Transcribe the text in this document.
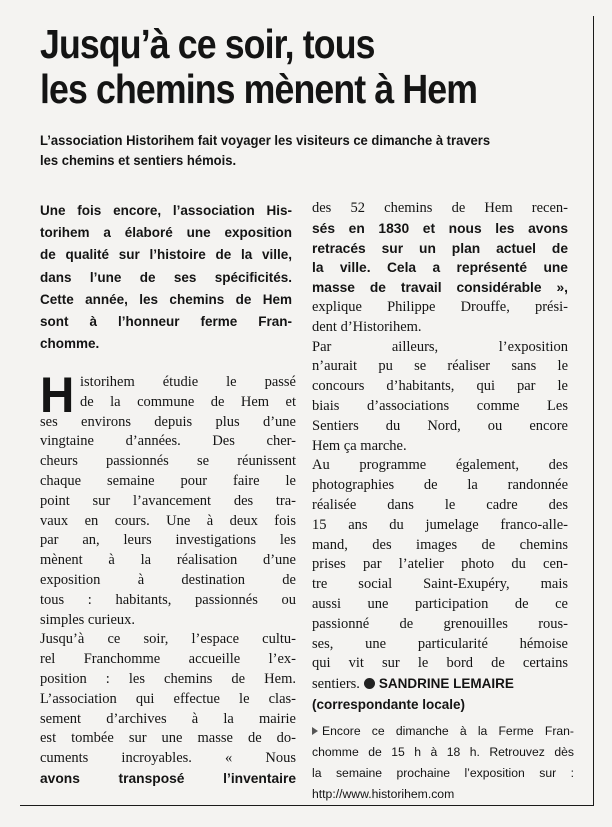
Jusqu’à ce soir, tous
les chemins mènent à Hem

L’association Historihem fait voyager les visiteurs ce dimanche à travers
les chemins et sentiers hémois.

Une fois encore, l’association His-
torihem a élaboré une exposition
de qualité sur l’histoire de la ville,
dans l’une de ses spécificités.
Cette année, les chemins de Hem
sont à l’honneur ferme Fran-
chomme.
H istorihem étudie le passé
de la commune de Hem et
ses environs depuis plus d’une
vingtaine d’années. Des cher-
cheurs passionnés se réunissent
chaque semaine pour faire le
point sur l’avancement des tra-
vaux en cours. Une à deux fois
par an, leurs investigations les
mènent à la réalisation d’une
exposition à destination de
tous : habitants, passionnés ou
simples curieux.
Jusqu’à ce soir, l’espace cultu-
rel Franchomme accueille l’ex-
position : les chemins de Hem.
L’association qui effectue le clas-
sement d’archives à la mairie
est tombée sur une masse de do-
cuments incroyables. « Nous
avons transposé l’inventaire
des 52 chemins de Hem recen-
sés en 1830 et nous les avons
retracés sur un plan actuel de
la ville. Cela a représenté une
masse de travail considérable »,
explique Philippe Drouffe, prési-
dent d’Historihem.
Par ailleurs, l’exposition
n’aurait pu se réaliser sans le
concours d’habitants, qui par le
biais d’associations comme Les
Sentiers du Nord, ou encore
Hem ça marche.
Au programme également, des
photographies de la randonnée
réalisée dans le cadre des
15 ans du jumelage franco-alle-
mand, des images de chemins
prises par l’atelier photo du cen-
tre social Saint-Exupéry, mais
aussi une participation de ce
passionné de grenouilles rous-
ses, une particularité hémoise
qui vit sur le bord de certains
sentiers. SANDRINE LEMAIRE
(correspondante locale)
Encore ce dimanche à la Ferme Fran-
chomme de 15 h à 18 h. Retrouvez dès
la semaine prochaine l’exposition sur :
http://www.historihem.com
